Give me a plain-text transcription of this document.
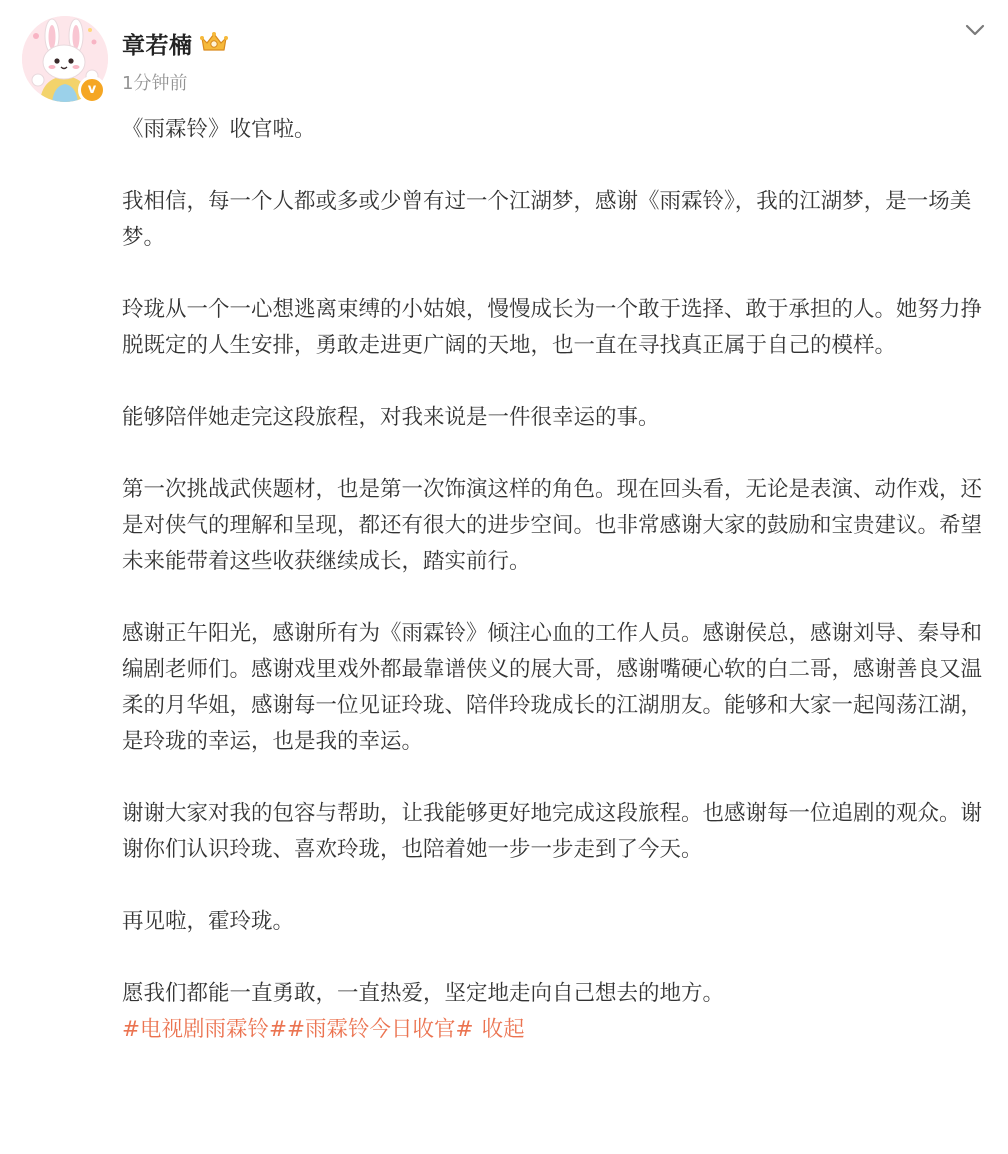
v
章若楠
1分钟前

《雨霖铃》收官啦。

我相信，每一个人都或多或少曾有过一个江湖梦，感谢《雨霖铃》，我的江湖梦，是一场美梦。

玲珑从一个一心想逃离束缚的小姑娘，慢慢成长为一个敢于选择、敢于承担的人。她努力挣脱既定的人生安排，勇敢走进更广阔的天地，也一直在寻找真正属于自己的模样。

能够陪伴她走完这段旅程，对我来说是一件很幸运的事。

第一次挑战武侠题材，也是第一次饰演这样的角色。现在回头看，无论是表演、动作戏，还是对侠气的理解和呈现，都还有很大的进步空间。也非常感谢大家的鼓励和宝贵建议。希望未来能带着这些收获继续成长，踏实前行。

感谢正午阳光，感谢所有为《雨霖铃》倾注心血的工作人员。感谢侯总，感谢刘导、秦导和编剧老师们。感谢戏里戏外都最靠谱侠义的展大哥，感谢嘴硬心软的白二哥，感谢善良又温柔的月华姐，感谢每一位见证玲珑、陪伴玲珑成长的江湖朋友。能够和大家一起闯荡江湖，是玲珑的幸运，也是我的幸运。

谢谢大家对我的包容与帮助，让我能够更好地完成这段旅程。也感谢每一位追剧的观众。谢谢你们认识玲珑、喜欢玲珑，也陪着她一步一步走到了今天。

再见啦，霍玲珑。

愿我们都能一直勇敢，一直热爱，坚定地走向自己想去的地方。

#电视剧雨霖铃##雨霖铃今日收官# 收起
